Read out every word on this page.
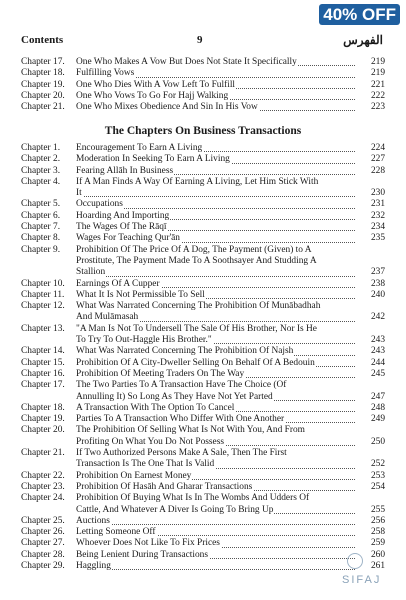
40% OFF
Contents	9	الفهرس
Chapter 17.	One Who Makes A Vow But Does Not State It Specifically	219
Chapter 18.	Fulfilling Vows	219
Chapter 19.	One Who Dies With A Vow Left To Fulfill	221
Chapter 20.	One Who Vows To Go For Hajj Walking	222
Chapter 21.	One Who Mixes Obedience And Sin In His Vow	223
The Chapters On Business Transactions
Chapter 1.	Encouragement To Earn A Living	224
Chapter 2.	Moderation In Seeking To Earn A Living	227
Chapter 3.	Fearing Allāh In Business	228
Chapter 4.	If A Man Finds A Way Of Earning A Living, Let Him Stick With
It	230
Chapter 5.	Occupations	231
Chapter 6.	Hoarding And Importing	232
Chapter 7.	The Wages Of The Rāqī	234
Chapter 8.	Wages For Teaching Qur'ān	235
Chapter 9.	Prohibition Of The Price Of A Dog, The Payment (Given) to A
Prostitute, The Payment Made To A Soothsayer And Studding A
Stallion	237
Chapter 10.	Earnings Of A Cupper	238
Chapter 11.	What It Is Not Permissible To Sell	240
Chapter 12.	What Was Narrated Concerning The Prohibition Of Munābadhah
And Mulāmasah	242
Chapter 13.	"A Man Is Not To Undersell The Sale Of His Brother, Nor Is He
To Try To Out-Haggle His Brother."	243
Chapter 14.	What Was Narrated Concerning The Prohibition Of Najsh	243
Chapter 15.	Prohibition Of A City-Dweller Selling On Behalf Of A Bedouin	244
Chapter 16.	Prohibition Of Meeting Traders On The Way	245
Chapter 17.	The Two Parties To A Transaction Have The Choice (Of
Annulling It) So Long As They Have Not Yet Parted	247
Chapter 18.	A Transaction With The Option To Cancel	248
Chapter 19.	Parties To A Transaction Who Differ With One Another	249
Chapter 20.	The Prohibition Of Selling What Is Not With You, And From
Profiting On What You Do Not Possess	250
Chapter 21.	If Two Authorized Persons Make A Sale, Then The First
Transaction Is The One That Is Valid	252
Chapter 22.	Prohibition On Earnest Money	253
Chapter 23.	Prohibition Of Hasāh And Gharar Transactions	254
Chapter 24.	Prohibition Of Buying What Is In The Wombs And Udders Of
Cattle, And Whatever A Diver Is Going To Bring Up	255
Chapter 25.	Auctions	256
Chapter 26.	Letting Someone Off	258
Chapter 27.	Whoever Does Not Like To Fix Prices	259
Chapter 28.	Being Lenient During Transactions	260
Chapter 29.	Haggling	261
SIFAJ
